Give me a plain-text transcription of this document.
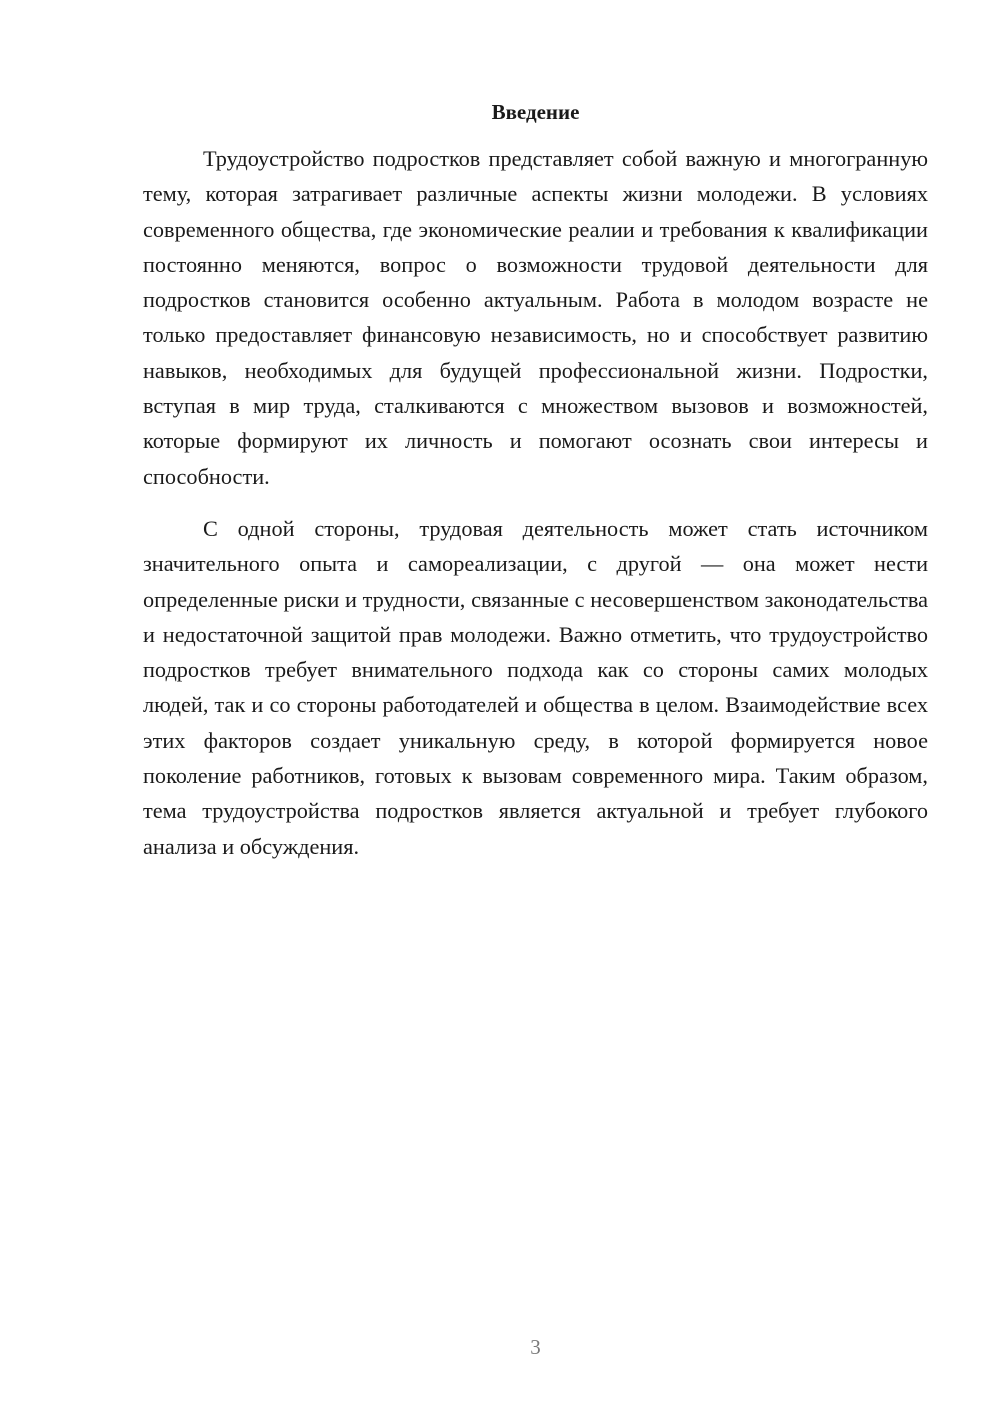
Введение

Трудоустройство подростков представляет собой важную и многогранную тему, которая затрагивает различные аспекты жизни молодежи. В условиях современного общества, где экономические реалии и требования к квалификации постоянно меняются, вопрос о возможности трудовой деятельности для подростков становится особенно актуальным. Работа в молодом возрасте не только предоставляет финансовую независимость, но и способствует развитию навыков, необходимых для будущей профессиональной жизни. Подростки, вступая в мир труда, сталкиваются с множеством вызовов и возможностей, которые формируют их личность и помогают осознать свои интересы и способности.

С одной стороны, трудовая деятельность может стать источником значительного опыта и самореализации, с другой — она может нести определенные риски и трудности, связанные с несовершенством законодательства и недостаточной защитой прав молодежи. Важно отметить, что трудоустройство подростков требует внимательного подхода как со стороны самих молодых людей, так и со стороны работодателей и общества в целом. Взаимодействие всех этих факторов создает уникальную среду, в которой формируется новое поколение работников, готовых к вызовам современного мира. Таким образом, тема трудоустройства подростков является актуальной и требует глубокого анализа и обсуждения.

3
